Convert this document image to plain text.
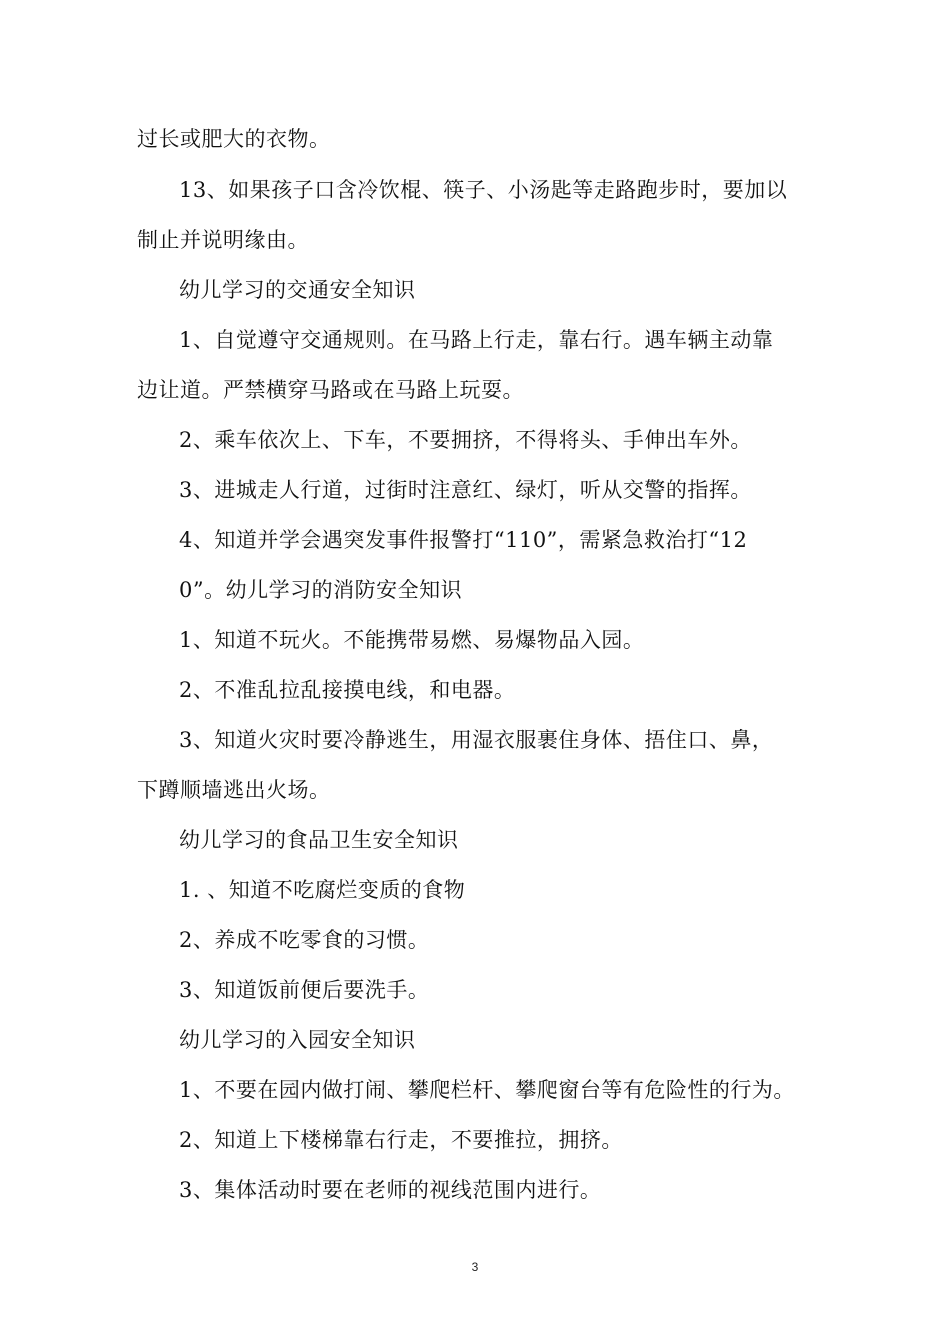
过长或肥大的衣物。
13、如果孩子口含冷饮棍、筷子、小汤匙等走路跑步时，要加以
制止并说明缘由。
幼儿学习的交通安全知识
1、自觉遵守交通规则。在马路上行走，靠右行。遇车辆主动靠
边让道。严禁横穿马路或在马路上玩耍。
2、乘车依次上、下车，不要拥挤，不得将头、手伸出车外。
3、进城走人行道，过街时注意红、绿灯，听从交警的指挥。
4、知道并学会遇突发事件报警打“110”，需紧急救治打“12
0”。幼儿学习的消防安全知识
1、知道不玩火。不能携带易燃、易爆物品入园。
2、不准乱拉乱接摸电线，和电器。
3、知道火灾时要冷静逃生，用湿衣服裹住身体、捂住口、鼻，
下蹲顺墙逃出火场。
幼儿学习的食品卫生安全知识
1. 、知道不吃腐烂变质的食物
2、养成不吃零食的习惯。
3、知道饭前便后要洗手。
幼儿学习的入园安全知识
1、不要在园内做打闹、攀爬栏杆、攀爬窗台等有危险性的行为。
2、知道上下楼梯靠右行走，不要推拉，拥挤。
3、集体活动时要在老师的视线范围内进行。
3
